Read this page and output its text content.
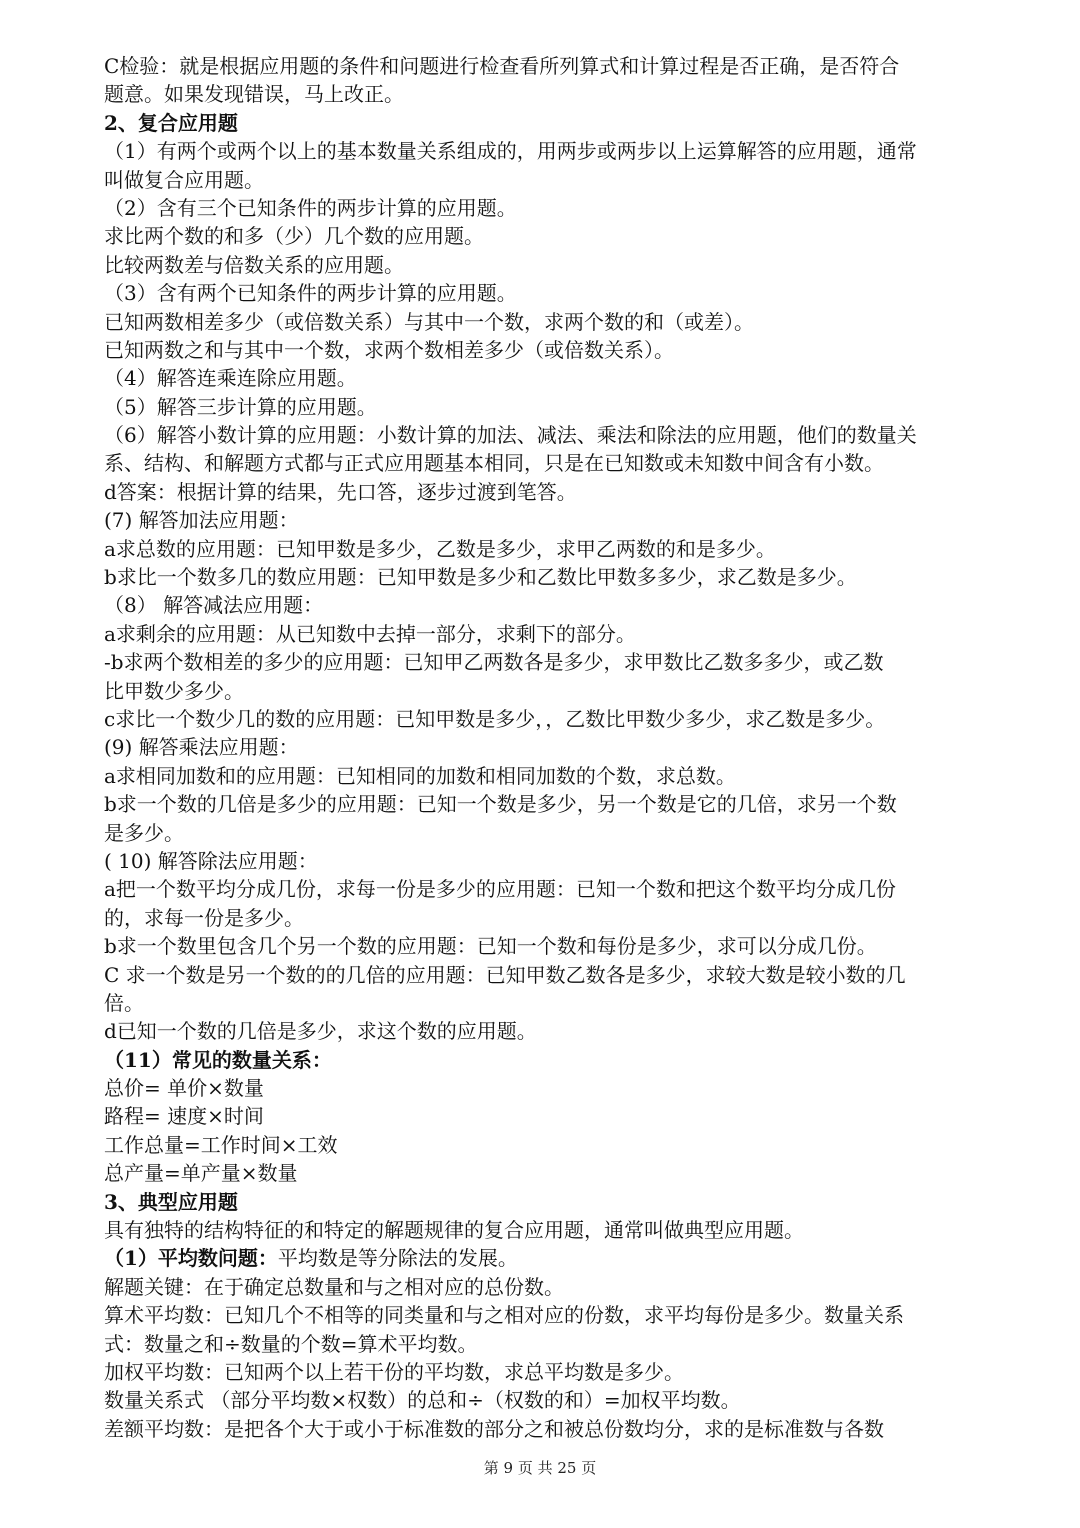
C检验：就是根据应用题的条件和问题进行检查看所列算式和计算过程是否正确，是否符合
题意。如果发现错误，马上改正。
2、复合应用题
（1）有两个或两个以上的基本数量关系组成的，用两步或两步以上运算解答的应用题，通常
叫做复合应用题。
（2）含有三个已知条件的两步计算的应用题。
求比两个数的和多（少）几个数的应用题。
比较两数差与倍数关系的应用题。
（3）含有两个已知条件的两步计算的应用题。
已知两数相差多少（或倍数关系）与其中一个数，求两个数的和（或差）。
已知两数之和与其中一个数，求两个数相差多少（或倍数关系）。
（4）解答连乘连除应用题。
（5）解答三步计算的应用题。
（6）解答小数计算的应用题：小数计算的加法、减法、乘法和除法的应用题，他们的数量关
系、结构、和解题方式都与正式应用题基本相同，只是在已知数或未知数中间含有小数。
d答案：根据计算的结果，先口答，逐步过渡到笔答。
(7) 解答加法应用题：
a求总数的应用题：已知甲数是多少，乙数是多少，求甲乙两数的和是多少。
b求比一个数多几的数应用题：已知甲数是多少和乙数比甲数多多少，求乙数是多少。
（8） 解答减法应用题：
a求剩余的应用题：从已知数中去掉一部分，求剩下的部分。
-b求两个数相差的多少的应用题：已知甲乙两数各是多少，求甲数比乙数多多少，或乙数
比甲数少多少。
c求比一个数少几的数的应用题：已知甲数是多少，，乙数比甲数少多少，求乙数是多少。
(9) 解答乘法应用题：
a求相同加数和的应用题：已知相同的加数和相同加数的个数，求总数。
b求一个数的几倍是多少的应用题：已知一个数是多少，另一个数是它的几倍，求另一个数
是多少。
( 10) 解答除法应用题：
a把一个数平均分成几份，求每一份是多少的应用题：已知一个数和把这个数平均分成几份
的，求每一份是多少。
b求一个数里包含几个另一个数的应用题：已知一个数和每份是多少，求可以分成几份。
C 求一个数是另一个数的的几倍的应用题：已知甲数乙数各是多少，求较大数是较小数的几
倍。
d已知一个数的几倍是多少，求这个数的应用题。
（11）常见的数量关系：
总价= 单价×数量
路程= 速度×时间
工作总量=工作时间×工效
总产量=单产量×数量
3、典型应用题
具有独特的结构特征的和特定的解题规律的复合应用题，通常叫做典型应用题。
（1）平均数问题：平均数是等分除法的发展。
解题关键：在于确定总数量和与之相对应的总份数。
算术平均数：已知几个不相等的同类量和与之相对应的份数，求平均每份是多少。数量关系
式：数量之和÷数量的个数=算术平均数。
加权平均数：已知两个以上若干份的平均数，求总平均数是多少。
数量关系式 （部分平均数×权数）的总和÷（权数的和）=加权平均数。
差额平均数：是把各个大于或小于标准数的部分之和被总份数均分，求的是标准数与各数
第 9 页 共 25 页
